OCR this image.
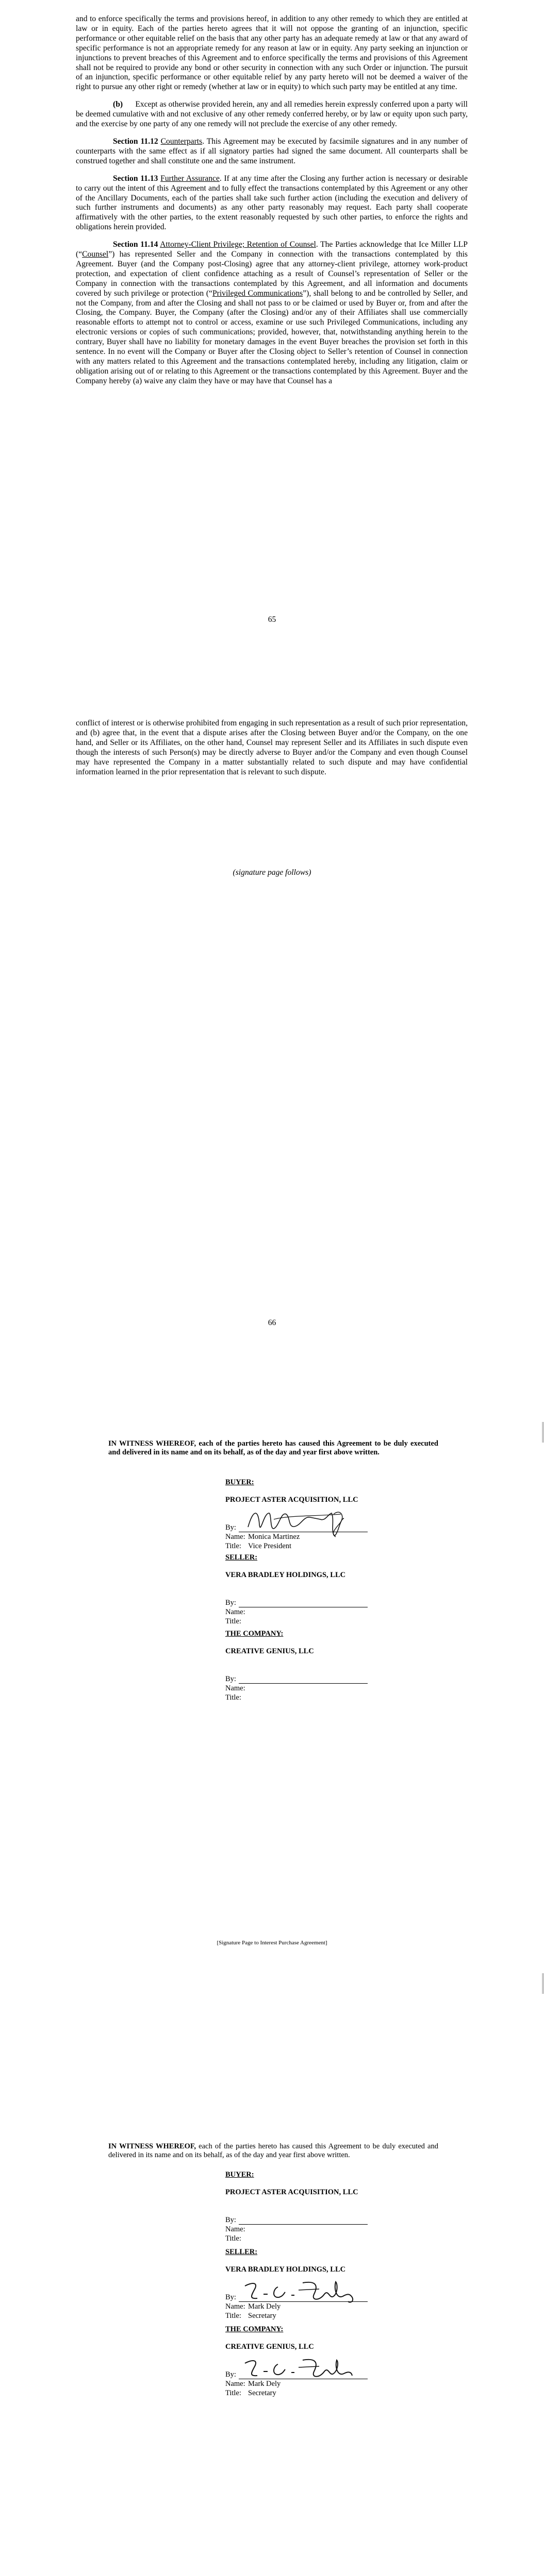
and to enforce specifically the terms and provisions hereof, in addition to any other remedy to which they are entitled at law or in equity. Each of the parties hereto agrees that it will not oppose the granting of an injunction, specific performance or other equitable relief on the basis that any other party has an adequate remedy at law or that any award of specific performance is not an appropriate remedy for any reason at law or in equity. Any party seeking an injunction or injunctions to prevent breaches of this Agreement and to enforce specifically the terms and provisions of this Agreement shall not be required to provide any bond or other security in connection with any such Order or injunction. The pursuit of an injunction, specific performance or other equitable relief by any party hereto will not be deemed a waiver of the right to pursue any other right or remedy (whether at law or in equity) to which such party may be entitled at any time.

(b) Except as otherwise provided herein, any and all remedies herein expressly conferred upon a party will be deemed cumulative with and not exclusive of any other remedy conferred hereby, or by law or equity upon such party, and the exercise by one party of any one remedy will not preclude the exercise of any other remedy.

Section 11.12 Counterparts. This Agreement may be executed by facsimile signatures and in any number of counterparts with the same effect as if all signatory parties had signed the same document. All counterparts shall be construed together and shall constitute one and the same instrument.

Section 11.13 Further Assurance. If at any time after the Closing any further action is necessary or desirable to carry out the intent of this Agreement and to fully effect the transactions contemplated by this Agreement or any other of the Ancillary Documents, each of the parties shall take such further action (including the execution and delivery of such further instruments and documents) as any other party reasonably may request. Each party shall cooperate affirmatively with the other parties, to the extent reasonably requested by such other parties, to enforce the rights and obligations herein provided.

Section 11.14 Attorney-Client Privilege; Retention of Counsel. The Parties acknowledge that Ice Miller LLP (“Counsel”) has represented Seller and the Company in connection with the transactions contemplated by this Agreement. Buyer (and the Company post-Closing) agree that any attorney-client privilege, attorney work-product protection, and expectation of client confidence attaching as a result of Counsel’s representation of Seller or the Company in connection with the transactions contemplated by this Agreement, and all information and documents covered by such privilege or protection (“Privileged Communications”), shall belong to and be controlled by Seller, and not the Company, from and after the Closing and shall not pass to or be claimed or used by Buyer or, from and after the Closing, the Company. Buyer, the Company (after the Closing) and/or any of their Affiliates shall use commercially reasonable efforts to attempt not to control or access, examine or use such Privileged Communications, including any electronic versions or copies of such communications; provided, however, that, notwithstanding anything herein to the contrary, Buyer shall have no liability for monetary damages in the event Buyer breaches the provision set forth in this sentence. In no event will the Company or Buyer after the Closing object to Seller’s retention of Counsel in connection with any matters related to this Agreement and the transactions contemplated hereby, including any litigation, claim or obligation arising out of or relating to this Agreement or the transactions contemplated by this Agreement. Buyer and the Company hereby (a) waive any claim they have or may have that Counsel has a

65

conflict of interest or is otherwise prohibited from engaging in such representation as a result of such prior representation, and (b) agree that, in the event that a dispute arises after the Closing between Buyer and/or the Company, on the one hand, and Seller or its Affiliates, on the other hand, Counsel may represent Seller and its Affiliates in such dispute even though the interests of such Person(s) may be directly adverse to Buyer and/or the Company and even though Counsel may have represented the Company in a matter substantially related to such dispute and may have confidential information learned in the prior representation that is relevant to such dispute.

(signature page follows)
66
IN WITNESS WHEREOF, each of the parties hereto has caused this Agreement to be duly executed and delivered in its name and on its behalf, as of the day and year first above written.

BUYER:

PROJECT ASTER ACQUISITION, LLC

By:

Name: Monica Martinez

Title: Vice President

SELLER:

VERA BRADLEY HOLDINGS, LLC

By:

Name:

Title:

THE COMPANY:

CREATIVE GENIUS, LLC

By:

Name:

Title:

[Signature Page to Interest Purchase Agreement]
IN WITNESS WHEREOF, each of the parties hereto has caused this Agreement to be duly executed and delivered in its name and on its behalf, as of the day and year first above written.

BUYER:

PROJECT ASTER ACQUISITION, LLC

By:

Name:

Title:

SELLER:

VERA BRADLEY HOLDINGS, LLC

By:

Name: Mark Dely

Title: Secretary

THE COMPANY:

CREATIVE GENIUS, LLC

By:

Name: Mark Dely

Title: Secretary
